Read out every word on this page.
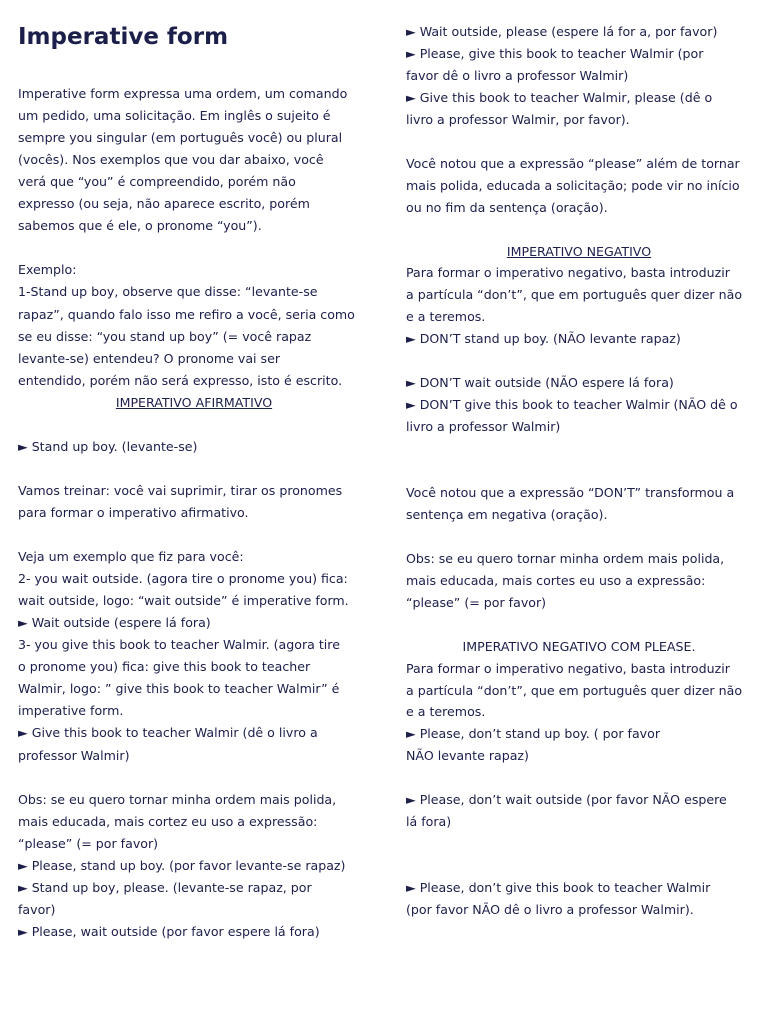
Imperative form
Imperative form expressa uma ordem, um comando
um pedido, uma solicitação. Em inglês o sujeito é
sempre you singular (em português você) ou plural
(vocês). Nos exemplos que vou dar abaixo, você
verá que “you” é compreendido, porém não
expresso (ou seja, não aparece escrito, porém
sabemos que é ele, o pronome “you”).
Exemplo:
1-Stand up boy, observe que disse: “levante-se
rapaz”, quando falo isso me refiro a você, seria como
se eu disse: “you stand up boy” (= você rapaz
levante-se) entendeu? O pronome vai ser
entendido, porém não será expresso, isto é escrito.
IMPERATIVO AFIRMATIVO
► Stand up boy. (levante-se)
Vamos treinar: você vai suprimir, tirar os pronomes
para formar o imperativo afirmativo.
Veja um exemplo que fiz para você:
2- you wait outside. (agora tire o pronome you) fica:
wait outside, logo: “wait outside” é imperative form.
► Wait outside (espere lá fora)
3- you give this book to teacher Walmir. (agora tire
o pronome you) fica: give this book to teacher
Walmir, logo: ” give this book to teacher Walmir” é
imperative form.
► Give this book to teacher Walmir (dê o livro a
professor Walmir)
Obs: se eu quero tornar minha ordem mais polida,
mais educada, mais cortez eu uso a expressão:
“please” (= por favor)
► Please, stand up boy. (por favor levante-se rapaz)
► Stand up boy, please. (levante-se rapaz, por
favor)
► Please, wait outside (por favor espere lá fora)
► Wait outside, please (espere lá for a, por favor)
► Please, give this book to teacher Walmir (por
favor dê o livro a professor Walmir)
► Give this book to teacher Walmir, please (dê o
livro a professor Walmir, por favor).
Você notou que a expressão “please” além de tornar
mais polida, educada a solicitação; pode vir no início
ou no fim da sentença (oração).
IMPERATIVO NEGATIVO
Para formar o imperativo negativo, basta introduzir
a partícula “don’t”, que em português quer dizer não
e a teremos.
► DON’T stand up boy. (NÃO levante rapaz)
► DON’T wait outside (NÃO espere lá fora)
► DON’T give this book to teacher Walmir (NÃO dê o
livro a professor Walmir)
Você notou que a expressão “DON’T” transformou a
sentença em negativa (oração).
Obs: se eu quero tornar minha ordem mais polida,
mais educada, mais cortes eu uso a expressão:
“please” (= por favor)
IMPERATIVO NEGATIVO COM PLEASE.
Para formar o imperativo negativo, basta introduzir
a partícula “don’t”, que em português quer dizer não
e a teremos.
► Please, don’t stand up boy. ( por favor
NÃO levante rapaz)
► Please, don’t wait outside (por favor NÃO espere
lá fora)
► Please, don’t give this book to teacher Walmir
(por favor NÃO dê o livro a professor Walmir).
